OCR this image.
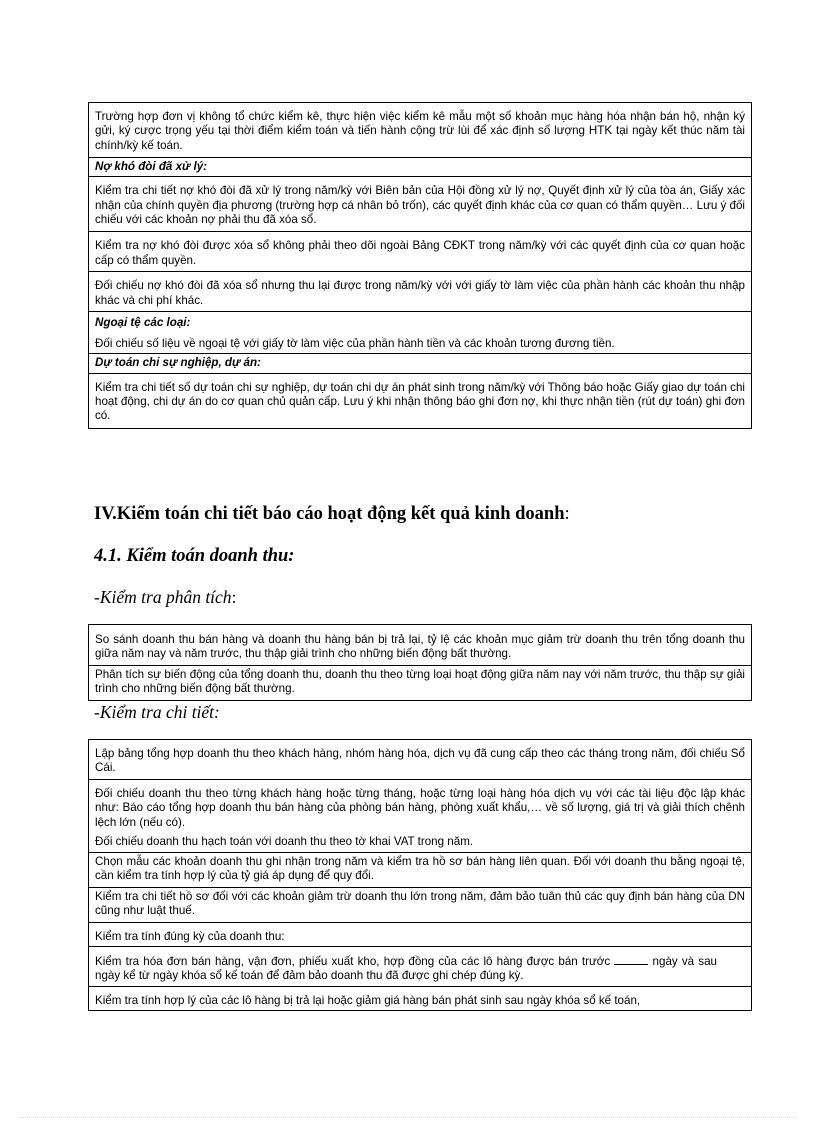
Trường hợp đơn vị không tổ chức kiểm kê, thực hiện việc kiểm kê mẫu một số khoản mục hàng hóa nhận bán hộ, nhận ký gửi, ký cược trọng yếu tại thời điểm kiểm toán và tiến hành cộng trừ lùi để xác định số lượng HTK tại ngày kết thúc năm tài chính/kỳ kế toán.
Nợ khó đòi đã xử lý:
Kiểm tra chi tiết nợ khó đòi đã xử lý trong năm/kỳ với Biên bản của Hội đồng xử lý nợ, Quyết định xử lý của tòa án, Giấy xác nhận của chính quyền địa phương (trường hợp cá nhân bỏ trốn), các quyết định khác của cơ quan có thẩm quyền… Lưu ý đối chiếu với các khoản nợ phải thu đã xóa sổ.
Kiểm tra nợ khó đòi được xóa sổ không phải theo dõi ngoài Bảng CĐKT trong năm/kỳ với các quyết định của cơ quan hoặc cấp có thẩm quyền.
Đối chiếu nợ khó đòi đã xóa sổ nhưng thu lại được trong năm/kỳ với với giấy tờ làm việc của phần hành các khoản thu nhập khác và chi phí khác.

Ngoại tệ các loại:
Đối chiếu số liệu về ngoại tệ với giấy tờ làm việc của phần hành tiền và các khoản tương đương tiền.

Dự toán chi sự nghiệp, dự án:
Kiểm tra chi tiết số dự toán chi sự nghiệp, dự toán chi dự án phát sinh trong năm/kỳ với Thông báo hoặc Giấy giao dự toán chi hoạt động, chi dự án do cơ quan chủ quản cấp. Lưu ý khi nhận thông báo ghi đơn nợ, khi thực nhận tiền (rút dự toán) ghi đơn có.
IV.Kiểm toán chi tiết báo cáo hoạt động kết quả kinh doanh:
4.1. Kiểm toán doanh thu:
-Kiểm tra phân tích:
So sánh doanh thu bán hàng và doanh thu hàng bán bị trả lại, tỷ lệ các khoản mục giảm trừ doanh thu trên tổng doanh thu giữa năm nay và năm trước, thu thập giải trình cho những biến động bất thường.
Phân tích sự biến động của tổng doanh thu, doanh thu theo từng loại hoạt động giữa năm nay với năm trước, thu thập sự giải trình cho những biến động bất thường.
-Kiểm tra chi tiết:
Lập bảng tổng hợp doanh thu theo khách hàng, nhóm hàng hóa, dịch vụ đã cung cấp theo các tháng trong năm, đối chiếu Sổ Cái.

Đối chiếu doanh thu theo từng khách hàng hoặc từng tháng, hoặc từng loại hàng hóa dịch vụ với các tài liệu độc lập khác như: Báo cáo tổng hợp doanh thu bán hàng của phòng bán hàng, phòng xuất khẩu,… về số lượng, giá trị và giải thích chênh lệch lớn (nếu có).
Đối chiếu doanh thu hạch toán với doanh thu theo tờ khai VAT trong năm.

Chọn mẫu các khoản doanh thu ghi nhận trong năm và kiểm tra hồ sơ bán hàng liên quan. Đối với doanh thu bằng ngoại tệ, cần kiểm tra tính hợp lý của tỷ giá áp dụng để quy đổi.
Kiểm tra chi tiết hồ sơ đối với các khoản giảm trừ doanh thu lớn trong năm, đảm bảo tuân thủ các quy định bán hàng của DN cũng như luật thuế.
Kiểm tra tính đúng kỳ của doanh thu:
Kiểm tra hóa đơn bán hàng, vận đơn, phiếu xuất kho, hợp đồng của các lô hàng được bán trước	ngày và saungày kể từ ngày khóa sổ kế toán để đảm bảo doanh thu đã được ghi chép đúng kỳ.
Kiểm tra tính hợp lý của các lô hàng bị trả lại hoặc giảm giá hàng bán phát sinh sau ngày khóa sổ kế toán,
